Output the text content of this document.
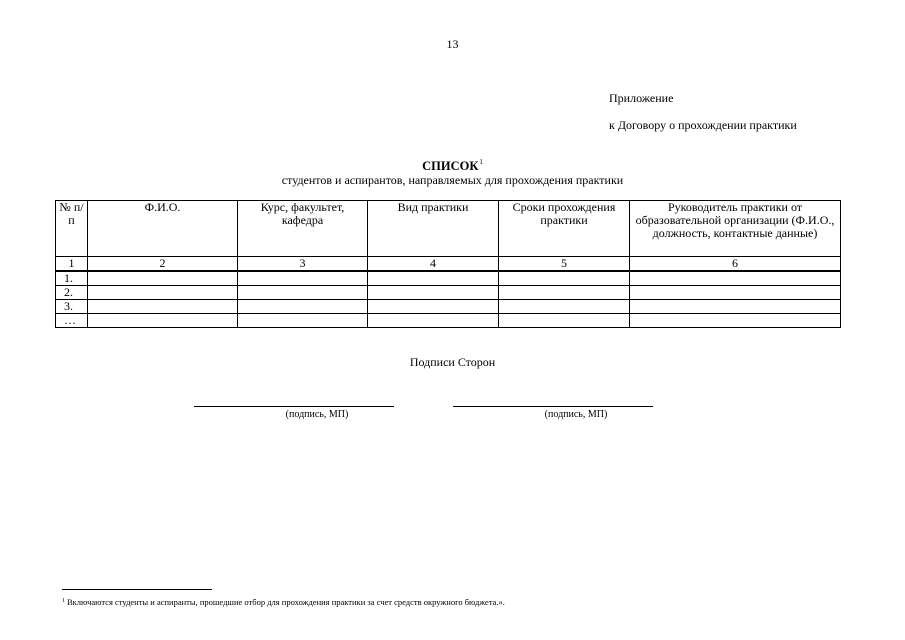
13
Приложение
к Договору о прохождении практики
СПИСОК$^1$
студентов и аспирантов, направляемых для прохождения практики
№ п/п	Ф.И.О.	Курс, факультет, кафедра	Вид практики	Сроки прохождения практики	Руководитель практики от образовательной организации (Ф.И.О., должность, контактные данные)
1	2	3	4	5	6
1.					
2.					
3.					
…					
Подписи Сторон
(подпись, МП)	(подпись, МП)
$^1$ Включаются студенты и аспиранты, прошедшие отбор для прохождения практики за счет средств окружного бюджета.».
